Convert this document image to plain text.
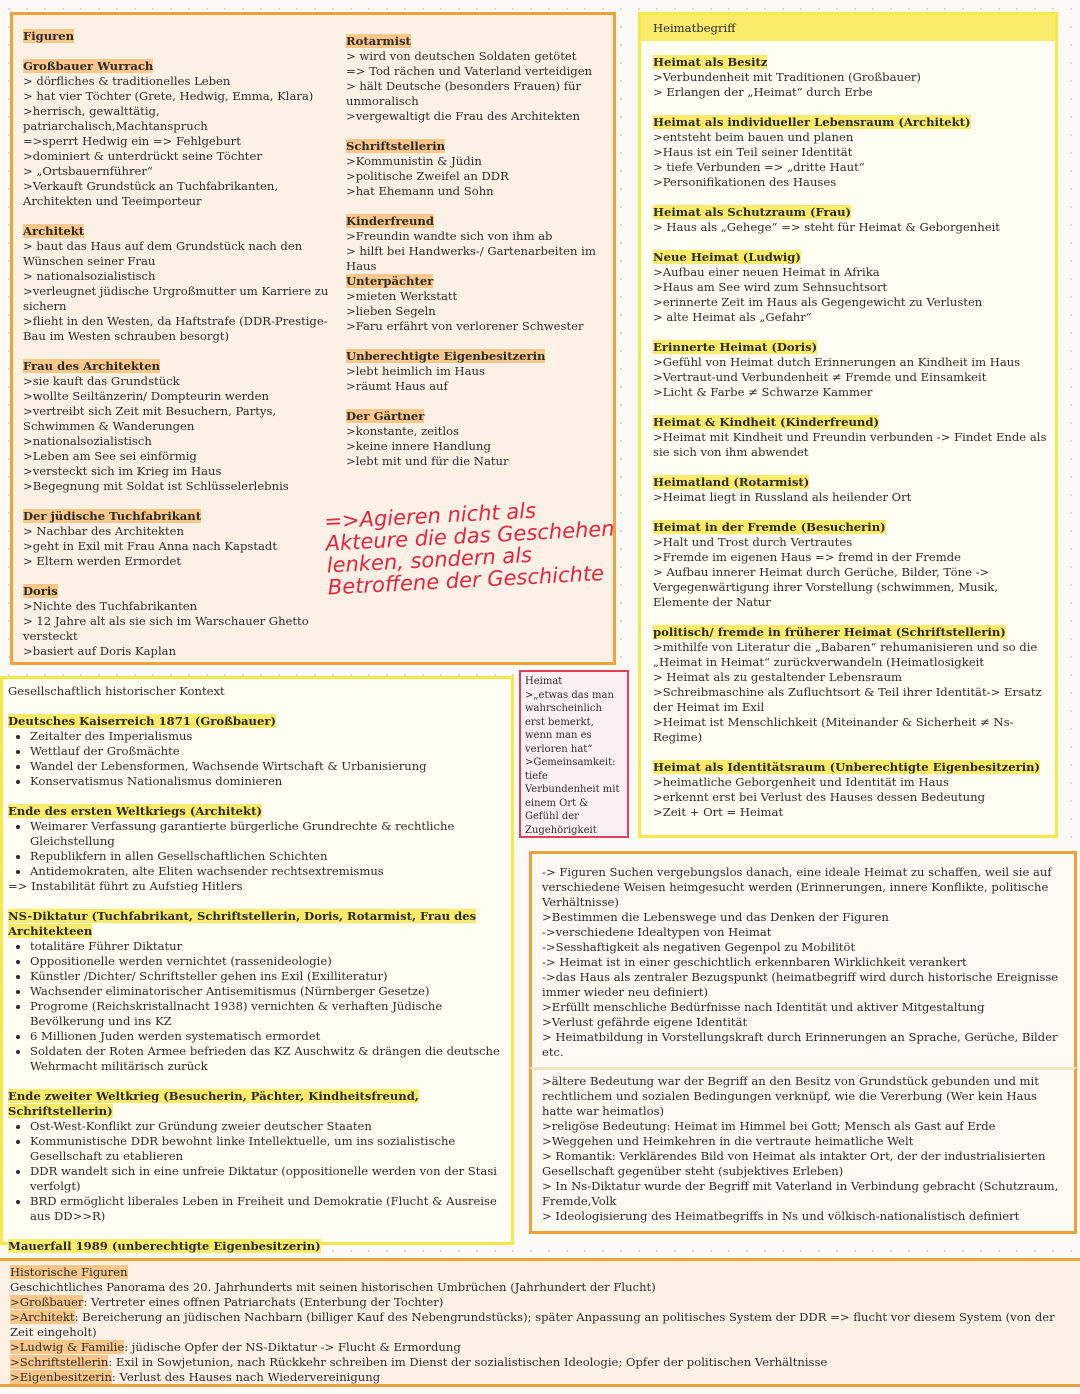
Figuren

Großbauer Wurrach

> dörfliches & traditionelles Leben

> hat vier Töchter (Grete, Hedwig, Emma, Klara)

>herrisch, gewalttätig, patriarchalisch,Machtanspruch

=>sperrt Hedwig ein => Fehlgeburt

>dominiert & unterdrückt seine Töchter

> „Ortsbauernführer“

>Verkauft Grundstück an Tuchfabrikanten, Architekten und Teeimporteur

Architekt

> baut das Haus auf dem Grundstück nach den Wünschen seiner Frau

> nationalsozialistisch

>verleugnet jüdische Urgroßmutter um Karriere zu sichern

>flieht in den Westen, da Haftstrafe (DDR-Prestige-Bau im Westen schrauben besorgt)

Frau des Architekten

>sie kauft das Grundstück

>wollte Seiltänzerin/ Dompteurin werden

>vertreibt sich Zeit mit Besuchern, Partys, Schwimmen & Wanderungen

>nationalsozialistisch

>Leben am See sei einförmig

>versteckt sich im Krieg im Haus

>Begegnung mit Soldat ist Schlüsselerlebnis

Der jüdische Tuchfabrikant

> Nachbar des Architekten

>geht in Exil mit Frau Anna nach Kapstadt

> Eltern werden Ermordet

Doris

>Nichte des Tuchfabrikanten

> 12 Jahre alt als sie sich im Warschauer Ghetto versteckt

>basiert auf Doris Kaplan

Rotarmist

> wird von deutschen Soldaten getötet

=> Tod rächen und Vaterland verteidigen

> hält Deutsche (besonders Frauen) für unmoralisch

>vergewaltigt die Frau des Architekten

Schriftstellerin

>Kommunistin & Jüdin

>politische Zweifel an DDR

>hat Ehemann und Sohn

Kinderfreund

>Freundin wandte sich von ihm ab

> hilft bei Handwerks-/ Gartenarbeiten im Haus

Unterpächter

>mieten Werkstatt

>lieben Segeln

>Faru erfährt von verlorener Schwester

Unberechtigte Eigenbesitzerin

>lebt heimlich im Haus

>räumt Haus auf

Der Gärtner

>konstante, zeitlos

>keine innere Handlung

>lebt mit und für die Natur

=>Agieren nicht als Akteure die das Geschehen lenken, sondern als Betroffene der Geschichte
Heimatbegriff

Heimat als Besitz

>Verbundenheit mit Traditionen (Großbauer)

> Erlangen der „Heimat“ durch Erbe

Heimat als individueller Lebensraum (Architekt)

>entsteht beim bauen und planen

>Haus ist ein Teil seiner Identität

> tiefe Verbunden => „dritte Haut“

>Personifikationen des Hauses

Heimat als Schutzraum (Frau)

> Haus als „Gehege“ => steht für Heimat & Geborgenheit

Neue Heimat (Ludwig)

>Aufbau einer neuen Heimat in Afrika

>Haus am See wird zum Sehnsuchtsort

>erinnerte Zeit im Haus als Gegengewicht zu Verlusten

> alte Heimat als „Gefahr“

Erinnerte Heimat (Doris)

>Gefühl von Heimat dutch Erinnerungen an Kindheit im Haus

>Vertraut-und Verbundenheit ≠ Fremde und Einsamkeit

>Licht & Farbe ≠ Schwarze Kammer

Heimat & Kindheit (Kinderfreund)

>Heimat mit Kindheit und Freundin verbunden -> Findet Ende als sie sich von ihm abwendet

Heimatland (Rotarmist)

>Heimat liegt in Russland als heilender Ort

Heimat in der Fremde (Besucherin)

>Halt und Trost durch Vertrautes

>Fremde im eigenen Haus => fremd in der Fremde

> Aufbau innerer Heimat durch Gerüche, Bilder, Töne -> Vergegenwärtigung ihrer Vorstellung (schwimmen, Musik, Elemente der Natur

politisch/ fremde in früherer Heimat (Schriftstellerin)

>mithilfe von Literatur die „Babaren“ rehumanisieren und so die „Heimat in Heimat“ zurückverwandeln (Heimatlosigkeit

> Heimat als zu gestaltender Lebensraum

>Schreibmaschine als Zufluchtsort & Teil ihrer Identität-> Ersatz der Heimat im Exil

>Heimat ist Menschlichkeit (Miteinander & Sicherheit ≠ Ns-Regime)

Heimat als Identitätsraum (Unberechtigte Eigenbesitzerin)

>heimatliche Geborgenheit und Identität im Haus

>erkennt erst bei Verlust des Hauses dessen Bedeutung

>Zeit + Ort = Heimat

Heimat

>„etwas das man wahrscheinlich erst bemerkt, wenn man es verloren hat“

>Gemeinsamkeit: tiefe Verbundenheit mit einem Ort & Gefühl der Zugehörigkeit

Gesellschaftlich historischer Kontext

Deutsches Kaiserreich 1871 (Großbauer)

• Zeitalter des Imperialismus
• Wettlauf der Großmächte
• Wandel der Lebensformen, Wachsende Wirtschaft & Urbanisierung
• Konservatismus Nationalismus dominieren

Ende des ersten Weltkriegs (Architekt)

• Weimarer Verfassung garantierte bürgerliche Grundrechte & rechtliche Gleichstellung
• Republikfern in allen Gesellschaftlichen Schichten
• Antidemokraten, alte Eliten wachsender rechtsextremismus

=> Instabilität führt zu Aufstieg Hitlers

NS-Diktatur (Tuchfabrikant, Schriftstellerin, Doris, Rotarmist, Frau des Architekteen

• totalitäre Führer Diktatur
• Oppositionelle werden vernichtet (rassenideologie)
• Künstler /Dichter/ Schriftsteller gehen ins Exil (Exilliteratur)
• Wachsender eliminatorischer Antisemitismus (Nürnberger Gesetze)
• Progrome (Reichskristallnacht 1938) vernichten & verhaften Jüdische Bevölkerung und ins KZ
• 6 Millionen Juden werden systematisch ermordet
• Soldaten der Roten Armee befrieden das KZ Auschwitz & drängen die deutsche Wehrmacht militärisch zurück

Ende zweiter Weltkrieg (Besucherin, Pächter, Kindheitsfreund, Schriftstellerin)

• Ost-West-Konflikt zur Gründung zweier deutscher Staaten
• Kommunistische DDR bewohnt linke Intellektuelle, um ins sozialistische Gesellschaft zu etablieren
• DDR wandelt sich in eine unfreie Diktatur (oppositionelle werden von der Stasi verfolgt)
• BRD ermöglicht liberales Leben in Freiheit und Demokratie (Flucht & Ausreise aus DD>>R)

Mauerfall 1989 (unberechtigte Eigenbesitzerin)

-> Figuren Suchen vergebungslos danach, eine ideale Heimat zu schaffen, weil sie auf verschiedene Weisen heimgesucht werden (Erinnerungen, innere Konflikte, politische Verhältnisse)

>Bestimmen die Lebenswege und das Denken der Figuren

->verschiedene Idealtypen von Heimat

->Sesshaftigkeit als negativen Gegenpol zu Mobilitöt

-> Heimat ist in einer geschichtlich erkennbaren Wirklichkeit verankert

->das Haus als zentraler Bezugspunkt (heimatbegriff wird durch historische Ereignisse immer wieder neu definiert)

>Erfüllt menschliche Bedürfnisse nach Identität und aktiver Mitgestaltung

>Verlust gefährde eigene Identität

> Heimatbildung in Vorstellungskraft durch Erinnerungen an Sprache, Gerüche, Bilder etc.

>ältere Bedeutung war der Begriff an den Besitz von Grundstück gebunden und mit rechtlichem und sozialen Bedingungen verknüpf, wie die Vererbung (Wer kein Haus hatte war heimatlos)

>religöse Bedeutung: Heimat im Himmel bei Gott; Mensch als Gast auf Erde

>Weggehen und Heimkehren in die vertraute heimatliche Welt

> Romantik: Verklärendes Bild von Heimat als intakter Ort, der der industrialisierten Gesellschaft gegenüber steht (subjektives Erleben)

> In Ns-Diktatur wurde der Begriff mit Vaterland in Verbindung gebracht (Schutzraum, Fremde,Volk

> Ideologisierung des Heimatbegriffs in Ns und völkisch-nationalistisch definiert

Historische Figuren

Geschichtliches Panorama des 20. Jahrhunderts mit seinen historischen Umbrüchen (Jahrhundert der Flucht)

>Großbauer: Vertreter eines offnen Patriarchats (Enterbung der Tochter)

>Architekt: Bereicherung an jüdischen Nachbarn (billiger Kauf des Nebengrundstücks); später Anpassung an politisches System der DDR => flucht vor diesem System (von der Zeit eingeholt)

>Ludwig & Familie: jüdische Opfer der NS-Diktatur -> Flucht & Ermordung

>Schriftstellerin: Exil in Sowjetunion, nach Rückkehr schreiben im Dienst der sozialistischen Ideologie; Opfer der politischen Verhältnisse

>Eigenbesitzerin: Verlust des Hauses nach Wiedervereinigung
